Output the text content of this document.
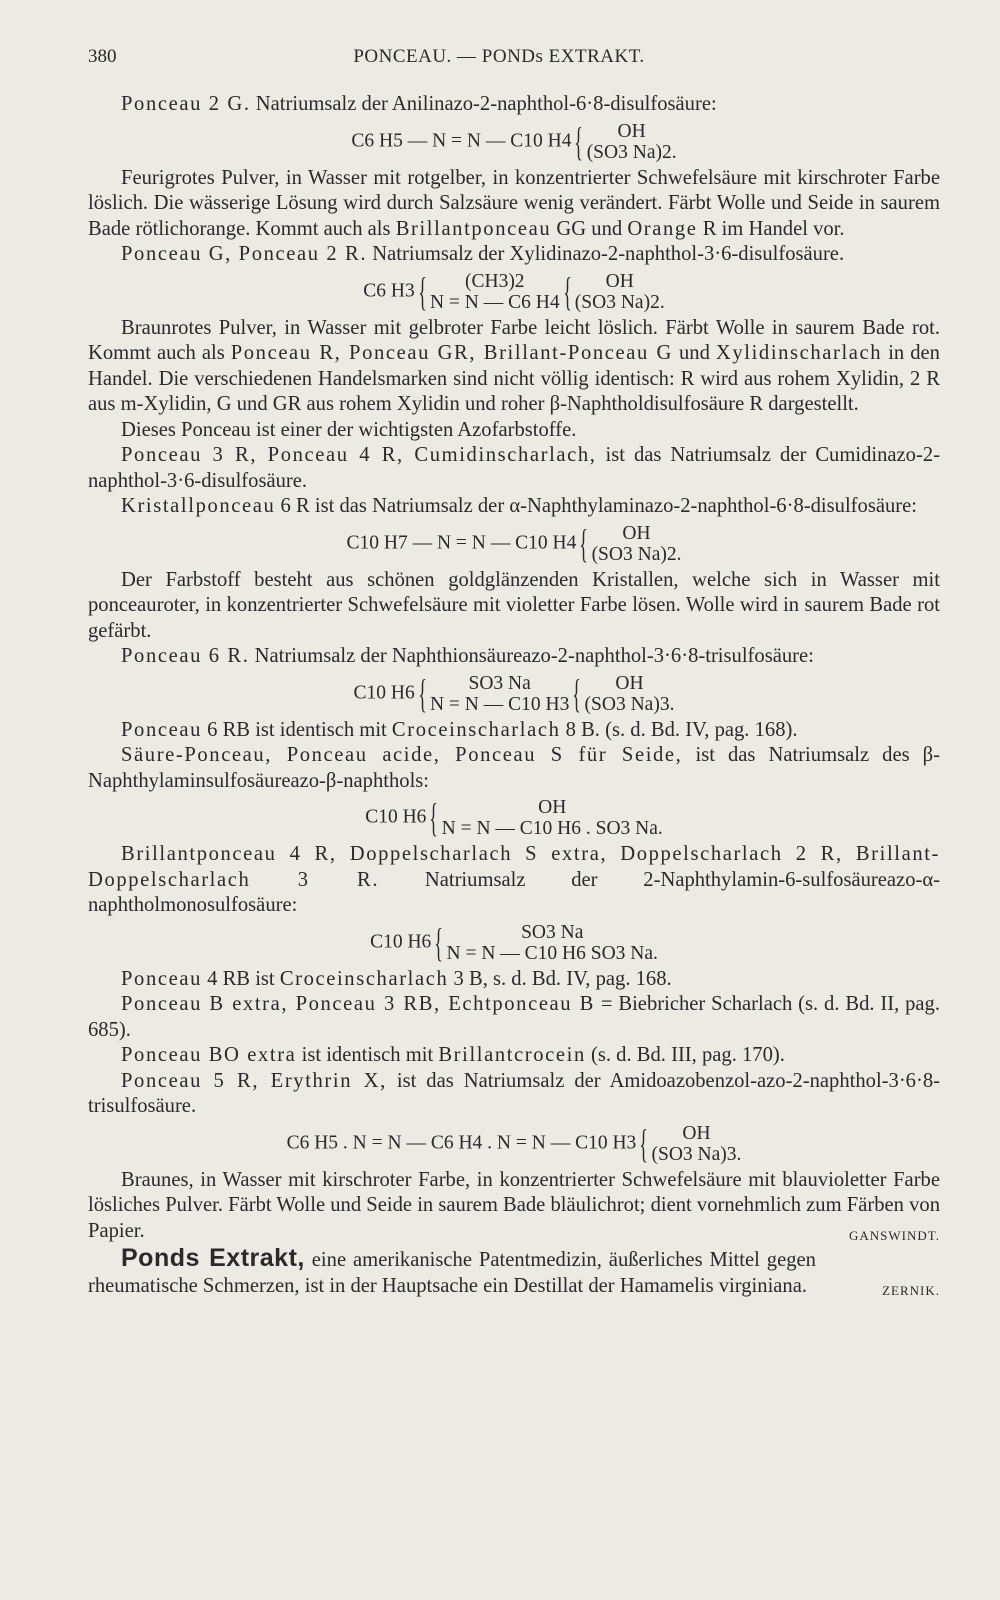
380	PONCEAU. — PONDs EXTRAKT.

Ponceau 2 G. Natriumsalz der Anilinazo-2-naphthol-6·8-disulfosäure:

C6 H5 — N = N — C10 H4{ OH
(SO3 Na)2.

Feurigrotes Pulver, in Wasser mit rotgelber, in konzentrierter Schwefelsäure mit kirschroter Farbe löslich. Die wässerige Lösung wird durch Salzsäure wenig verändert. Färbt Wolle und Seide in saurem Bade rötlichorange. Kommt auch als Brillantponceau GG und Orange R im Handel vor.

Ponceau G, Ponceau 2 R. Natriumsalz der Xylidinazo-2-naphthol-3·6-disulfosäure.

C6 H3{ (CH3)2
N = N — C6 H4{ OH
(SO3 Na)2.

Braunrotes Pulver, in Wasser mit gelbroter Farbe leicht löslich. Färbt Wolle in saurem Bade rot. Kommt auch als Ponceau R, Ponceau GR, Brillant-Ponceau G und Xylidinscharlach in den Handel. Die verschiedenen Handelsmarken sind nicht völlig identisch: R wird aus rohem Xylidin, 2 R aus m-Xylidin, G und GR aus rohem Xylidin und roher β-Naphtholdisulfosäure R dargestellt.

Dieses Ponceau ist einer der wichtigsten Azofarbstoffe.

Ponceau 3 R, Ponceau 4 R, Cumidinscharlach, ist das Natriumsalz der Cumidinazo-2-naphthol-3·6-disulfosäure.

Kristallponceau 6 R ist das Natriumsalz der α-Naphthylaminazo-2-naphthol-6·8-disulfosäure:

C10 H7 — N = N — C10 H4{ OH
(SO3 Na)2.

Der Farbstoff besteht aus schönen goldglänzenden Kristallen, welche sich in Wasser mit ponceauroter, in konzentrierter Schwefelsäure mit violetter Farbe lösen. Wolle wird in saurem Bade rot gefärbt.

Ponceau 6 R. Natriumsalz der Naphthionsäureazo-2-naphthol-3·6·8-trisulfosäure:

C10 H6{ SO3 Na
N = N — C10 H3{ OH
(SO3 Na)3.

Ponceau 6 RB ist identisch mit Croceinscharlach 8 B. (s. d. Bd. IV, pag. 168).

Säure-Ponceau, Ponceau acide, Ponceau S für Seide, ist das Natriumsalz des β-Naphthylaminsulfosäureazo-β-naphthols:

C10 H6{	OH
N = N — C10 H6 . SO3 Na.

Brillantponceau 4 R, Doppelscharlach S extra, Doppelscharlach 2 R, Brillant-Doppelscharlach 3 R. Natriumsalz der 2-Naphthylamin-6-sulfosäureazo-α-naphtholmonosulfosäure:

C10 H6{	SO3 Na
N = N — C10 H6 SO3 Na.

Ponceau 4 RB ist Croceinscharlach 3 B, s. d. Bd. IV, pag. 168.

Ponceau B extra, Ponceau 3 RB, Echtponceau B = Biebricher Scharlach (s. d. Bd. II, pag. 685).

Ponceau BO extra ist identisch mit Brillantcrocein (s. d. Bd. III, pag. 170).

Ponceau 5 R, Erythrin X, ist das Natriumsalz der Amidoazobenzol-azo-2-naphthol-3·6·8-trisulfosäure.

C6 H5 . N = N — C6 H4 . N = N — C10 H3{ OH
(SO3 Na)3.

Braunes, in Wasser mit kirschroter Farbe, in konzentrierter Schwefelsäure mit blauvioletter Farbe lösliches Pulver. Färbt Wolle und Seide in saurem Bade bläulichrot; dient vornehmlich zum Färben von Papier.	GANSWINDT.

Ponds Extrakt, eine amerikanische Patentmedizin, äußerliches Mittel gegen rheumatische Schmerzen, ist in der Hauptsache ein Destillat der Hamamelis virginiana.	ZERNIK.
